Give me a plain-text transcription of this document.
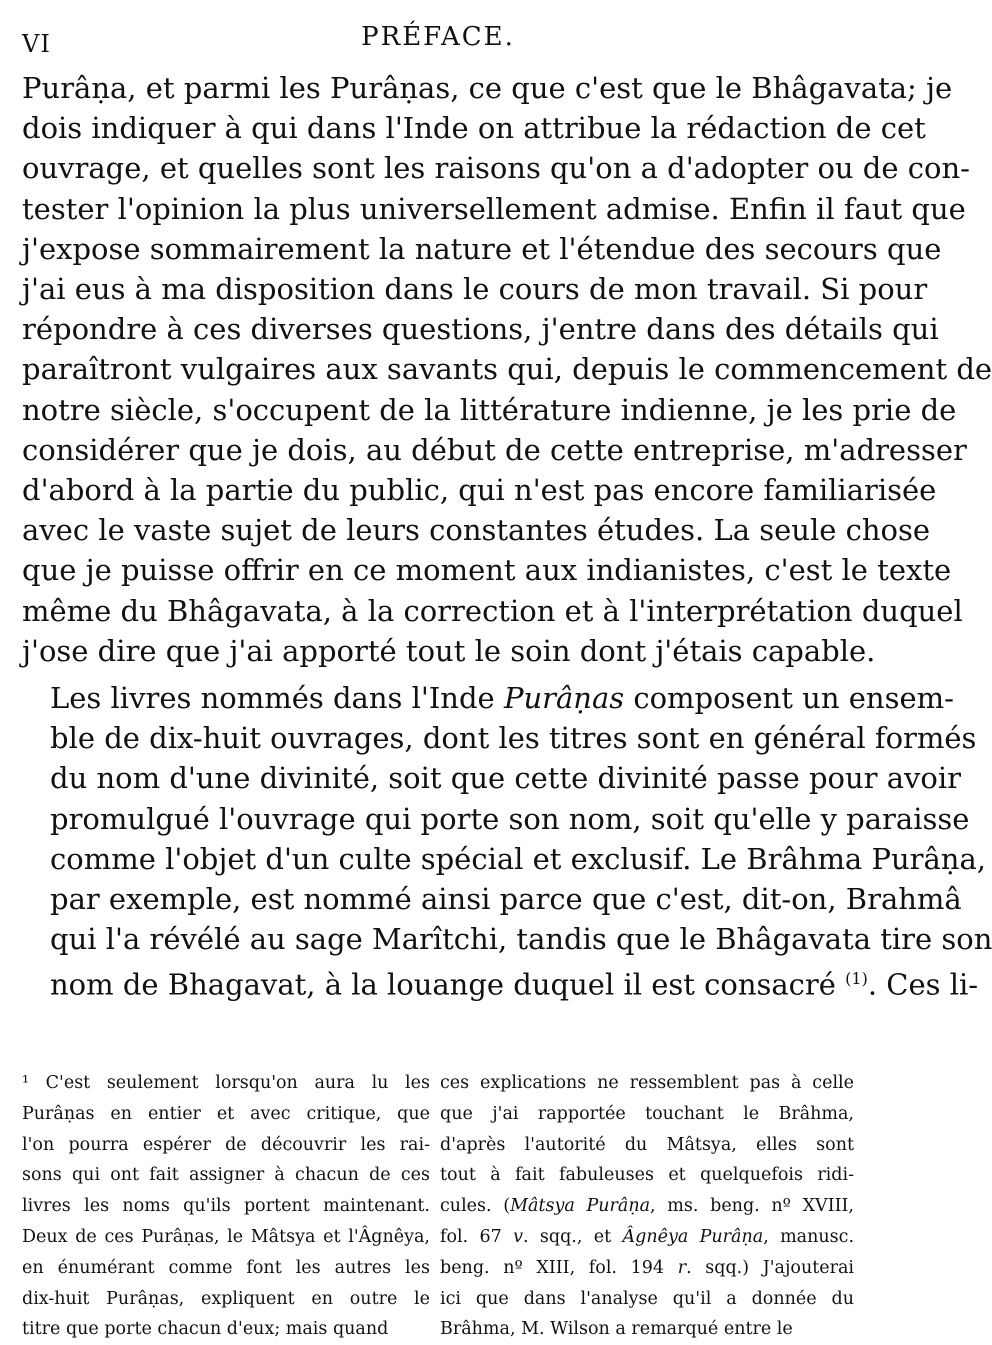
VI	PRÉFACE.

Purâṇa, et parmi les Purâṇas, ce que c'est que le Bhâgavata; je
dois indiquer à qui dans l'Inde on attribue la rédaction de cet
ouvrage, et quelles sont les raisons qu'on a d'adopter ou de con-
tester l'opinion la plus universellement admise. Enfin il faut que
j'expose sommairement la nature et l'étendue des secours que
j'ai eus à ma disposition dans le cours de mon travail. Si pour
répondre à ces diverses questions, j'entre dans des détails qui
paraîtront vulgaires aux savants qui, depuis le commencement de
notre siècle, s'occupent de la littérature indienne, je les prie de
considérer que je dois, au début de cette entreprise, m'adresser
d'abord à la partie du public, qui n'est pas encore familiarisée
avec le vaste sujet de leurs constantes études. La seule chose
que je puisse offrir en ce moment aux indianistes, c'est le texte
même du Bhâgavata, à la correction et à l'interprétation duquel
j'ose dire que j'ai apporté tout le soin dont j'étais capable.

Les livres nommés dans l'Inde Purâṇas composent un ensem-
ble de dix-huit ouvrages, dont les titres sont en général formés
du nom d'une divinité, soit que cette divinité passe pour avoir
promulgué l'ouvrage qui porte son nom, soit qu'elle y paraisse
comme l'objet d'un culte spécial et exclusif. Le Brâhma Purâṇa,
par exemple, est nommé ainsi parce que c'est, dit-on, Brahmâ
qui l'a révélé au sage Marîtchi, tandis que le Bhâgavata tire son
nom de Bhagavat, à la louange duquel il est consacré $^{(1)}$. Ces li-

¹ C'est seulement lorsqu'on aura lu les
Purâṇas en entier et avec critique, que
l'on pourra espérer de découvrir les rai-
sons qui ont fait assigner à chacun de ces
livres les noms qu'ils portent maintenant.
Deux de ces Purâṇas, le Mâtsya et l'Âgnêya,
en énumérant comme font les autres les
dix-huit Purâṇas, expliquent en outre le
titre que porte chacun d'eux; mais quand
ces explications ne ressemblent pas à celle
que j'ai rapportée touchant le Brâhma,
d'après l'autorité du Mâtsya, elles sont
tout à fait fabuleuses et quelquefois ridi-
cules. (Mâtsya Purâṇa, ms. beng. nº XVIII,
fol. 67 v. sqq., et Âgnêya Purâṇa, manusc.
beng. nº XIII, fol. 194 r. sqq.) J'ajouterai
ici que dans l'analyse qu'il a donnée du
Brâhma, M. Wilson a remarqué entre le
